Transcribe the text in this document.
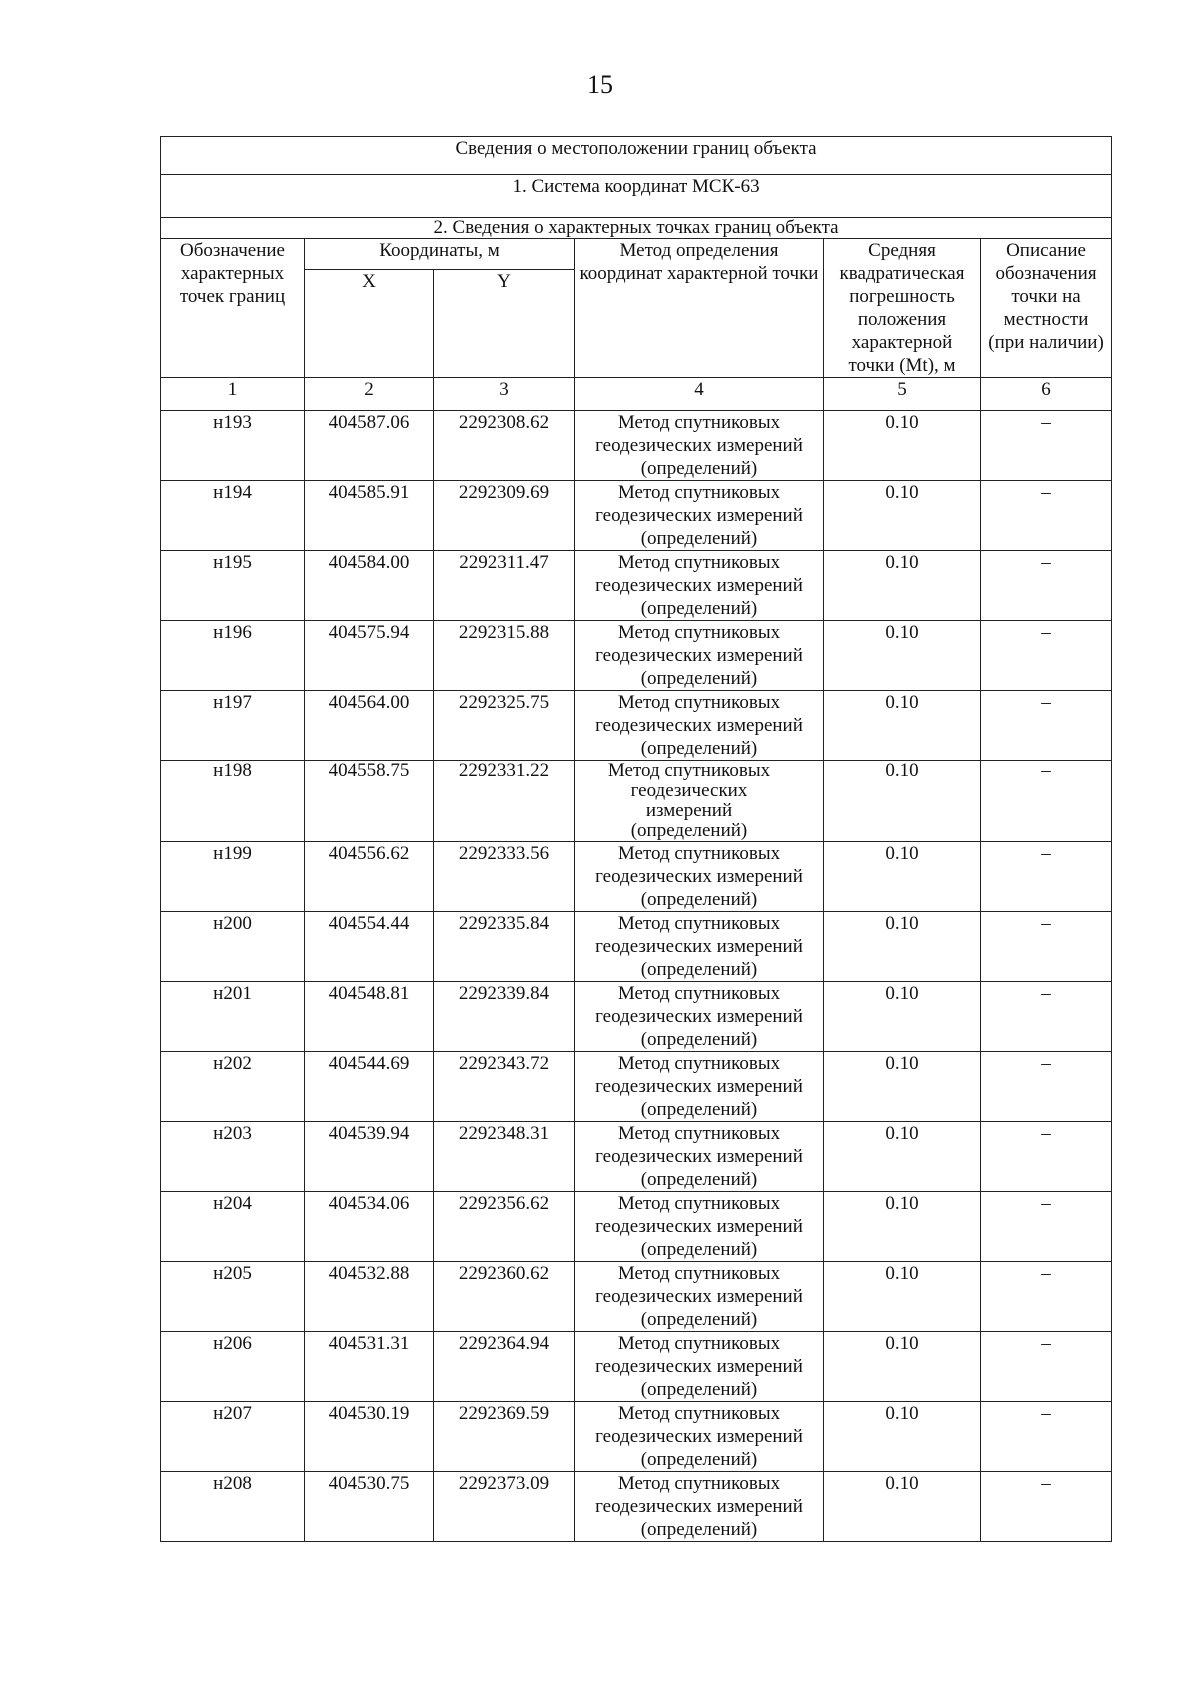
15
Сведения о местоположении границ объекта					
1. Система координат МСК-63					
2. Сведения о характерных точках границ объекта					
Обозначение характерных точек границ	Координаты, м		Метод определения координат характерной точки	Средняя квадратическая погрешность положения характерной точки (Mt), м	Описание обозначения точки на местности (при наличии)
	X	Y			
1	2	3	4	5	6
н193	404587.06	2292308.62	Метод спутниковых геодезических измерений (определений)	0.10	–
н194	404585.91	2292309.69	Метод спутниковых геодезических измерений (определений)	0.10	–
н195	404584.00	2292311.47	Метод спутниковых геодезических измерений (определений)	0.10	–
н196	404575.94	2292315.88	Метод спутниковых геодезических измерений (определений)	0.10	–
н197	404564.00	2292325.75	Метод спутниковых геодезических измерений (определений)	0.10	–
н198	404558.75	2292331.22	Метод спутниковых геодезических измерений (определений)	0.10	–
н199	404556.62	2292333.56	Метод спутниковых геодезических измерений (определений)	0.10	–
н200	404554.44	2292335.84	Метод спутниковых геодезических измерений (определений)	0.10	–
н201	404548.81	2292339.84	Метод спутниковых геодезических измерений (определений)	0.10	–
н202	404544.69	2292343.72	Метод спутниковых геодезических измерений (определений)	0.10	–
н203	404539.94	2292348.31	Метод спутниковых геодезических измерений (определений)	0.10	–
н204	404534.06	2292356.62	Метод спутниковых геодезических измерений (определений)	0.10	–
н205	404532.88	2292360.62	Метод спутниковых геодезических измерений (определений)	0.10	–
н206	404531.31	2292364.94	Метод спутниковых геодезических измерений (определений)	0.10	–
н207	404530.19	2292369.59	Метод спутниковых геодезических измерений (определений)	0.10	–
н208	404530.75	2292373.09	Метод спутниковых геодезических измерений (определений)	0.10	–
